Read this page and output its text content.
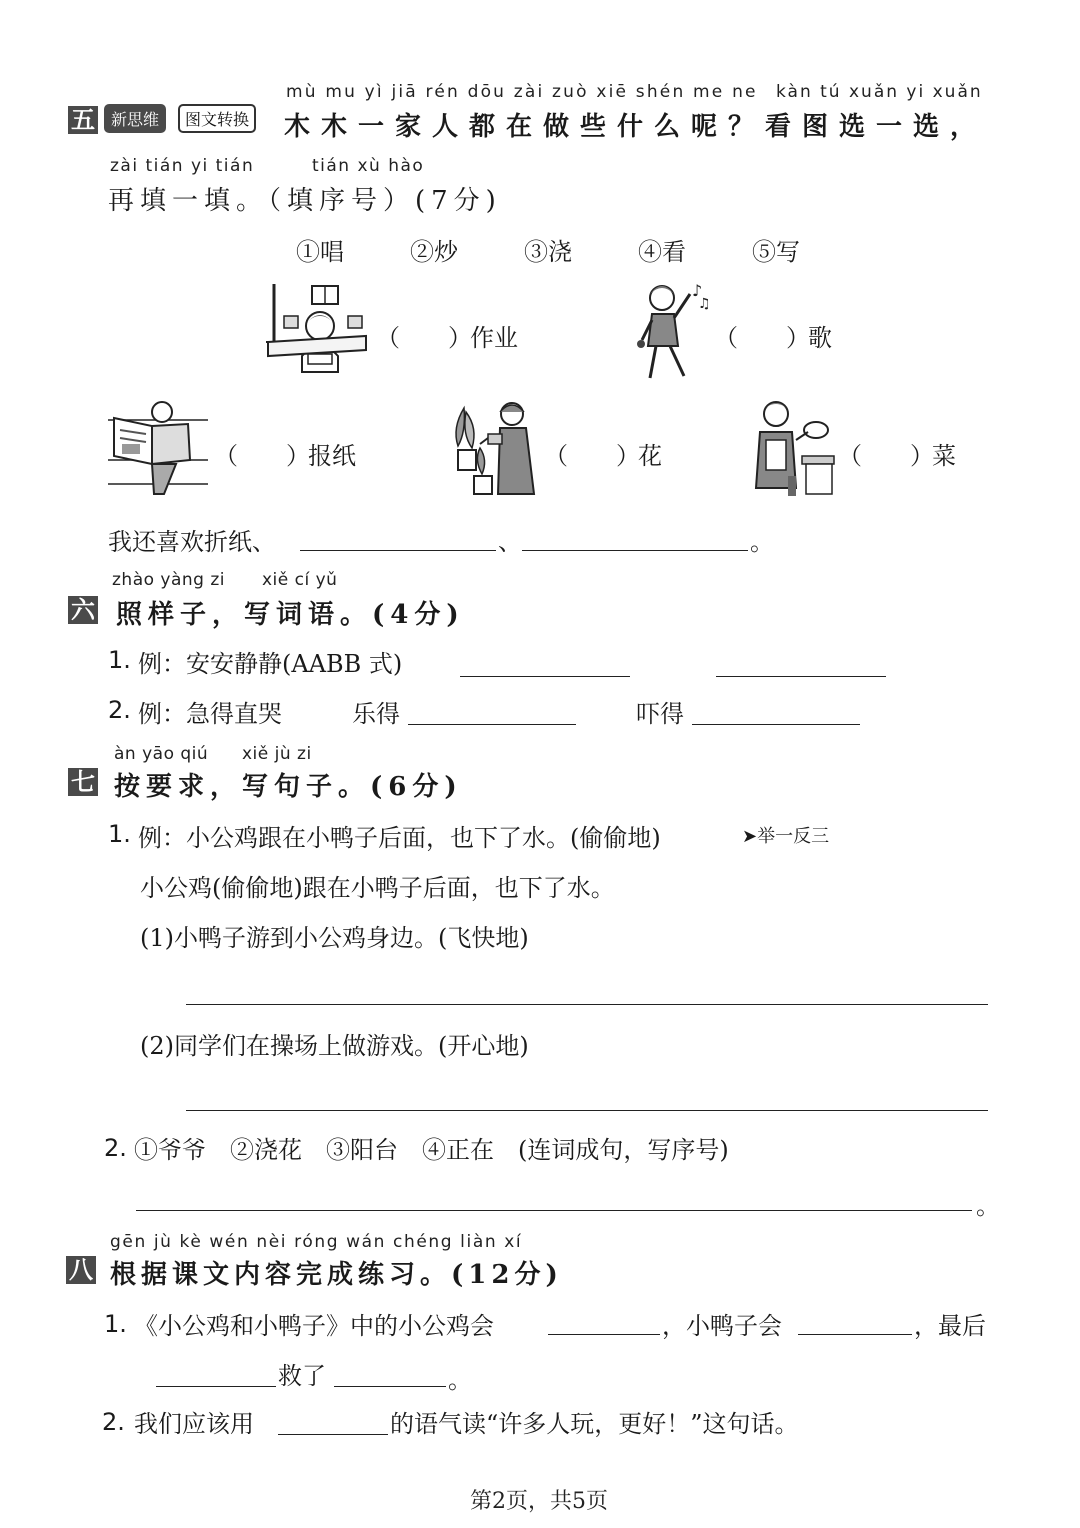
五	新思维	图文转换
mù mu yì jiā rén dōu zài zuò xiē shén me ne kàn tú xuǎn yi xuǎn
木木一家人都在做些什么呢？看图选一选，
zài tián yi tián	tián xù hào
再填一填。（填序号）(7分)
①唱	②炒	③浇	④看	⑤写
（　　）
作业
♪
♫
（　　）
歌
（　　）
报纸	（　　）
花	（　　）
菜
我还喜欢折纸、	、	。
zhào yàng zi xiě cí yǔ
六 照样子，写词语。(4分)
1. 例：安安静静(AABB 式)
2. 例：急得直哭	乐得	吓得
àn yāo qiú xiě jù zi
七 按要求，写句子。(6分)
1. 例：小公鸡跟在小鸭子后面，也下了水。(偷偷地)	➤举一反三
小公鸡(偷偷地)跟在小鸭子后面，也下了水。
(1)小鸭子游到小公鸡身边。(飞快地)
(2)同学们在操场上做游戏。(开心地)
2. ①爷爷　②浇花　③阳台　④正在　(连词成句，写序号)
。
gēn jù kè wén nèi róng wán chéng liàn xí
八 根据课文内容完成练习。(12分)
1. 《小公鸡和小鸭子》中的小公鸡会	，小鸭子会	，最后
救了	。
2. 我们应该用	的语气读“许多人玩，更好！”这句话。
第2页，共5页
